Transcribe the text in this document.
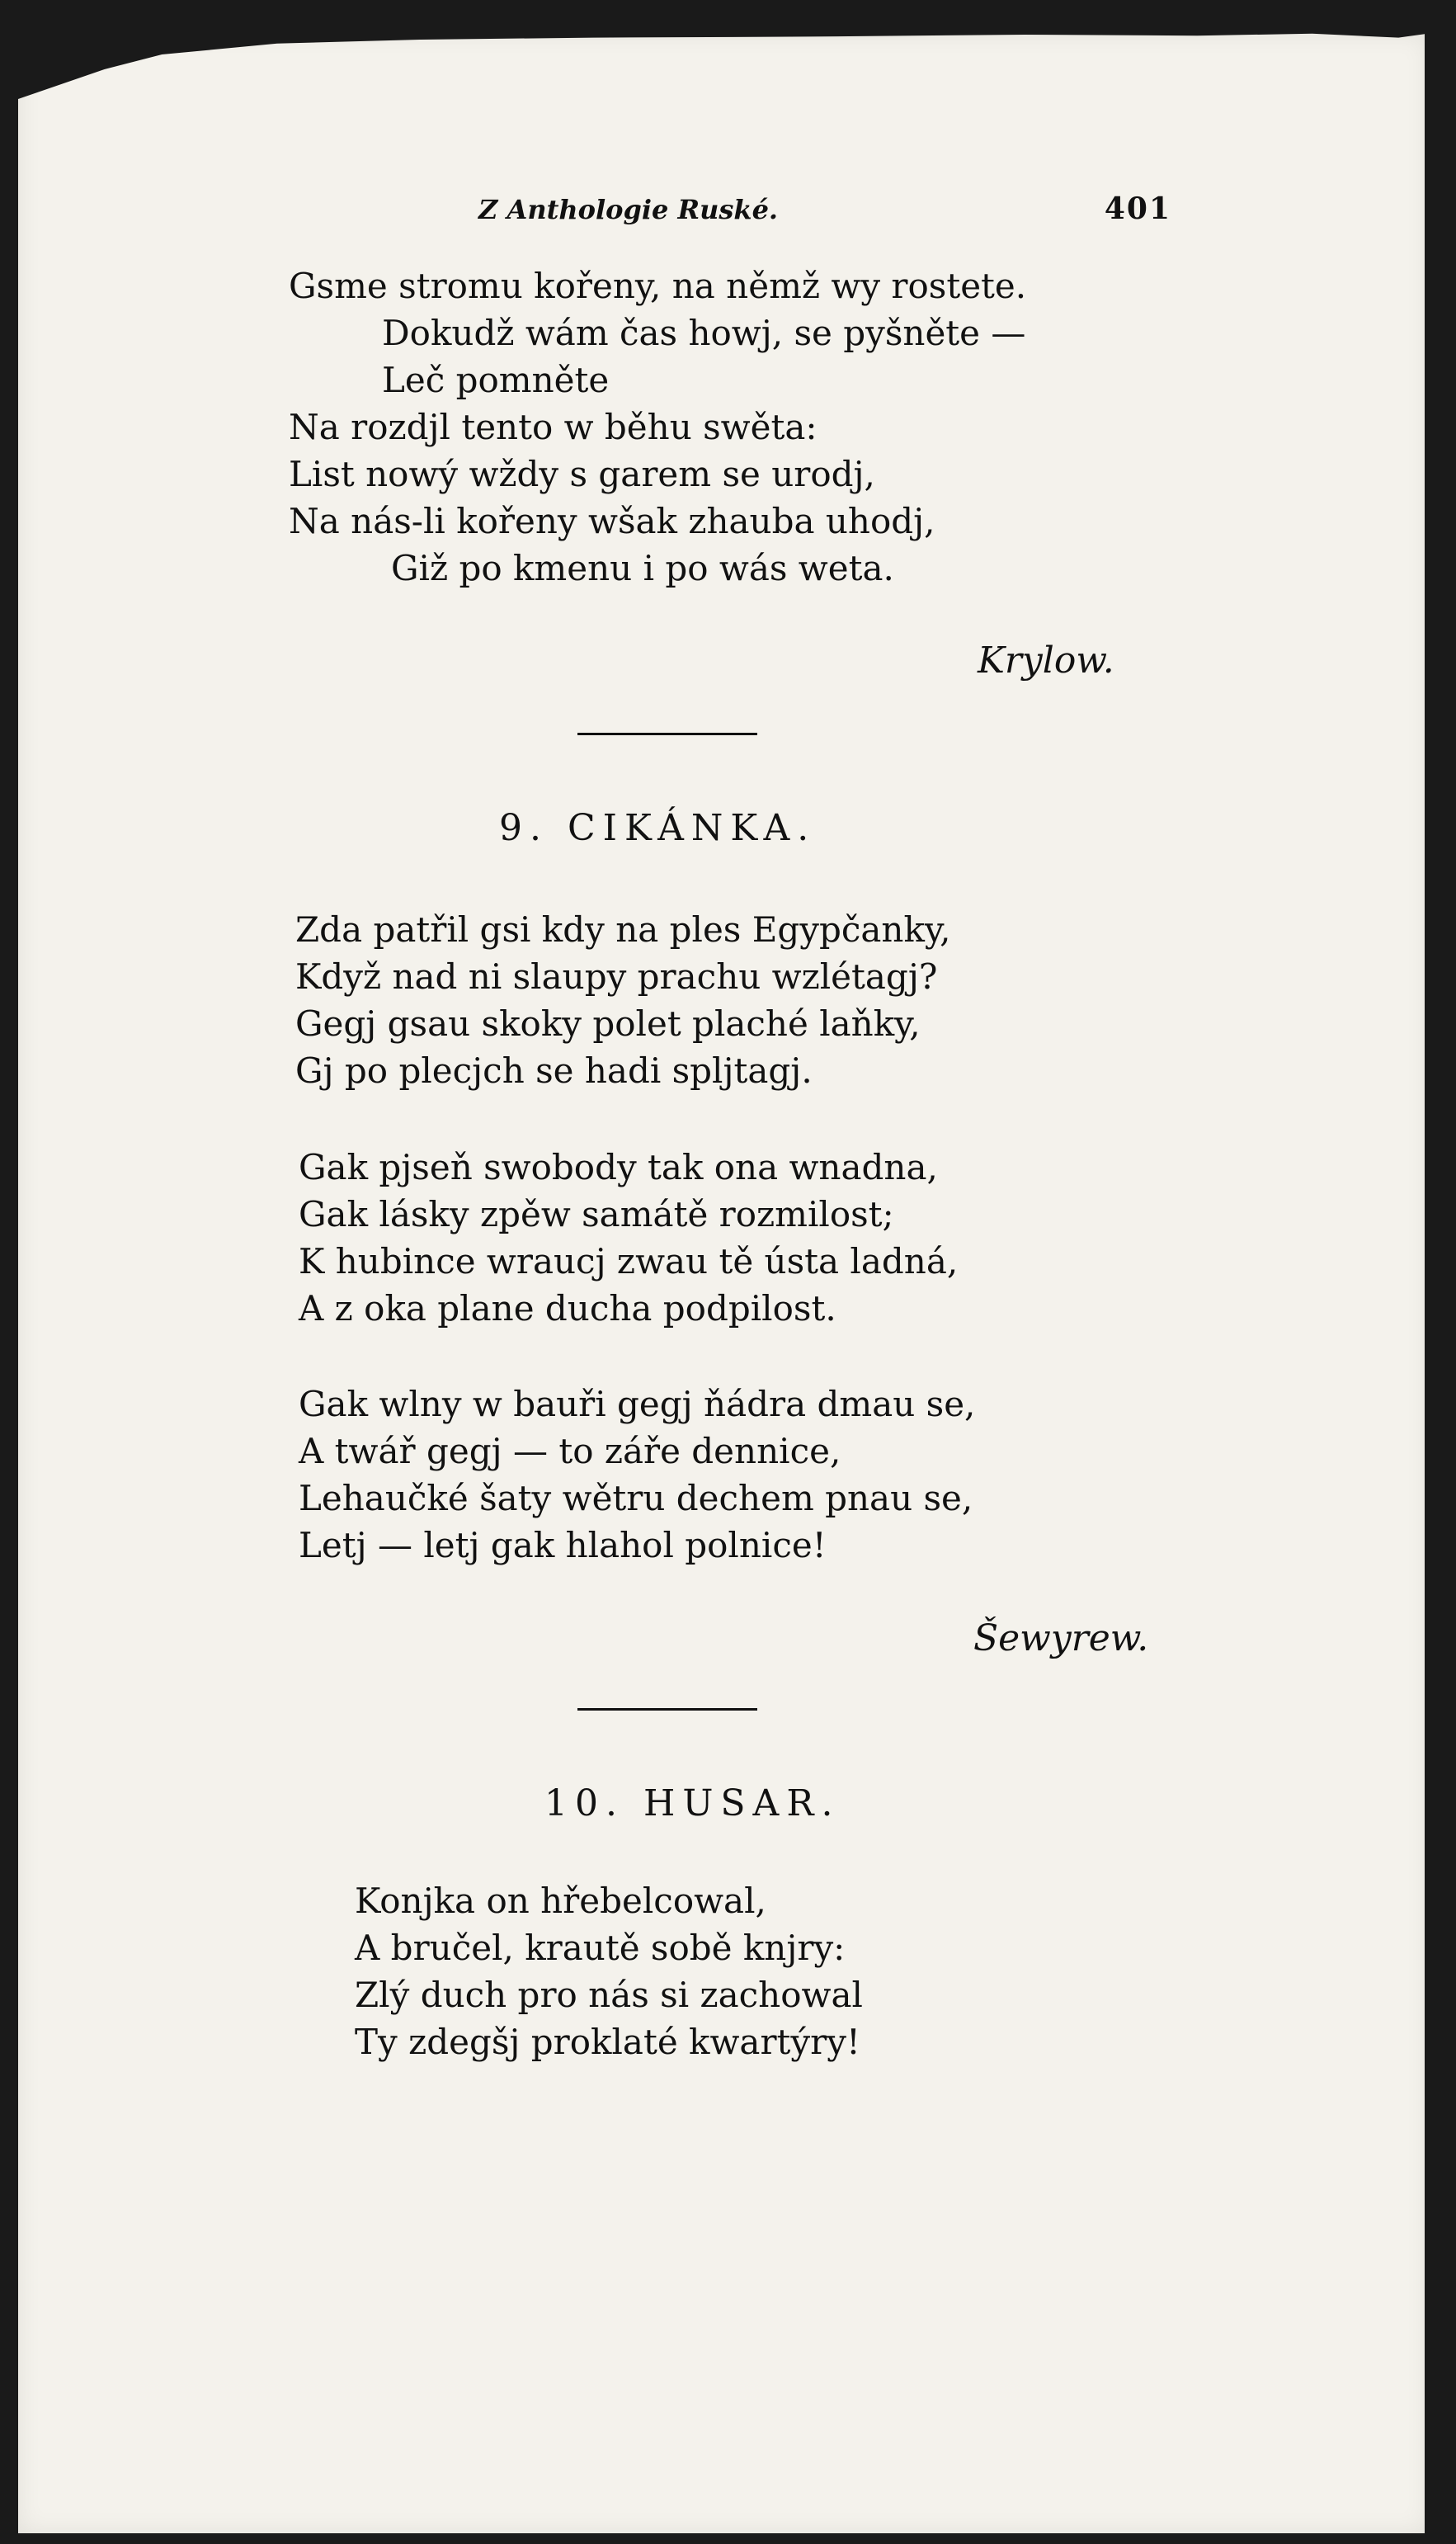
Z Anthologie Ruské.	401
Gsme stromu kořeny, na němž wy rostete.
Dokudž wám čas howj, se pyšněte —
Leč pomněte
Na rozdjl tento w běhu swěta:
List nowý wždy s garem se urodj,
Na nás-li kořeny wšak zhauba uhodj,
Giž po kmenu i po wás weta.
Krylow.
9. CIKÁNKA.
Zda patřil gsi kdy na ples Egypčanky,
Když nad ni slaupy prachu wzlétagj?
Gegj gsau skoky polet plaché laňky,
Gj po plecjch se hadi spljtagj.
Gak pjseň swobody tak ona wnadna,
Gak lásky zpěw samátě rozmilost;
K hubince wraucj zwau tě ústa ladná,
A z oka plane ducha podpilost.
Gak wlny w bauři gegj ňádra dmau se,
A twář gegj — to záře dennice,
Lehaučké šaty wětru dechem pnau se,
Letj — letj gak hlahol polnice!
Šewyrew.
10. HUSAR.
Konjka on hřebelcowal,
A bručel, krautě sobě knjry:
Zlý duch pro nás si zachowal
Ty zdegšj proklaté kwartýry!
